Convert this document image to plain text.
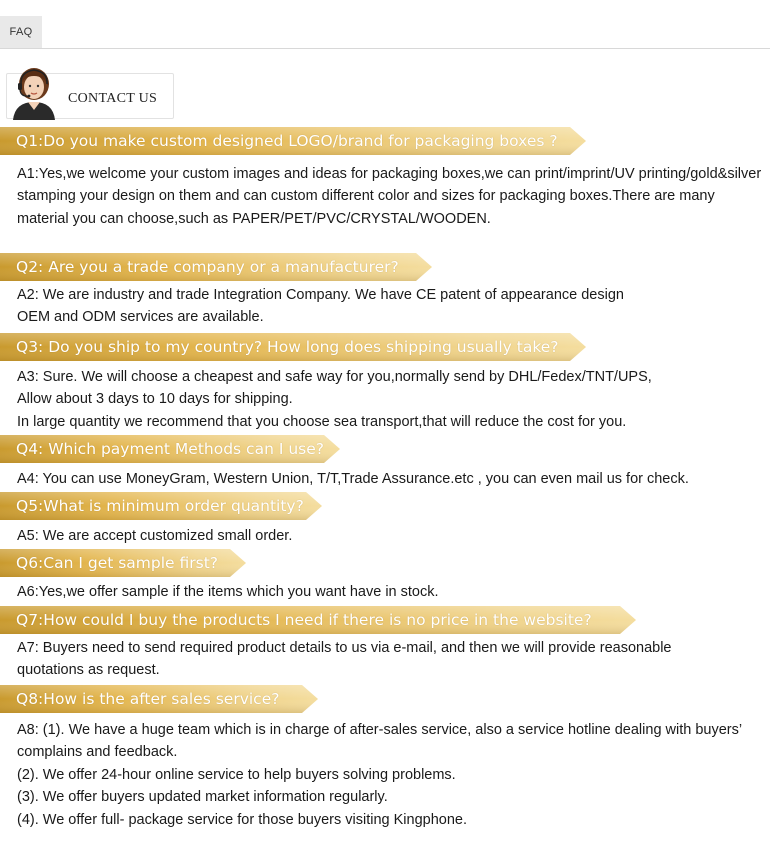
FAQ
CONTACT US
Q1:Do you make custom designed LOGO/brand for packaging boxes ?
A1:Yes,we welcome your custom images and ideas for packaging boxes,we can print/imprint/UV printing/gold&silver
stamping your design on them and can custom different color and sizes for packaging boxes.There are many
material you can choose,such as PAPER/PET/PVC/CRYSTAL/WOODEN.
Q2: Are you a trade company or a manufacturer?
A2: We are industry and trade Integration Company. We have CE patent of appearance design
OEM and ODM services are available.
Q3: Do you ship to my country? How long does shipping usually take?
A3: Sure. We will choose a cheapest and safe way for you,normally send by DHL/Fedex/TNT/UPS,
Allow about 3 days to 10 days for shipping.
In large quantity we recommend that you choose sea transport,that will reduce the cost for you.
Q4: Which payment Methods can I use?
A4: You can use MoneyGram, Western Union, T/T,Trade Assurance.etc , you can even mail us for check.
Q5:What is minimum order quantity?
A5: We are accept customized small order.
Q6:Can I get sample first?
A6:Yes,we offer sample if the items which you want have in stock.
Q7:How could I buy the products I need if there is no price in the website?
A7: Buyers need to send required product details to us via e-mail, and then we will provide reasonable
quotations as request.
Q8:How is the after sales service?
A8: (1). We have a huge team which is in charge of after-sales service, also a service hotline dealing with buyers’
complains and feedback.
(2). We offer 24-hour online service to help buyers solving problems.
(3). We offer buyers updated market information regularly.
(4). We offer full- package service for those buyers visiting Kingphone.
